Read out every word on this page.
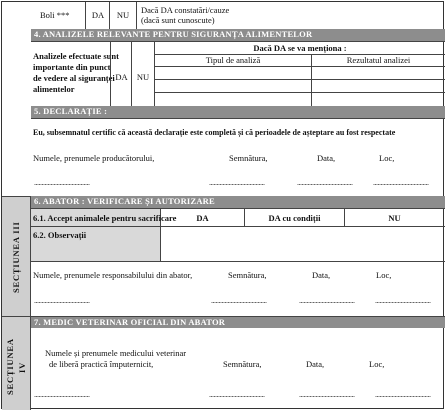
Boli ***	DA	NU	Dacă DA constatări/cauze
(dacă sunt cunoscute)
4. ANALIZELE RELEVANTE PENTRU SIGURANȚA ALIMENTELOR
Analizele efectuate sunt
importante din punct
de vedere al siguranței
alimentelor
DA	NU
Dacă DA se va menționa :
Tipul de analiză	Rezultatul analizei
5. DECLARAȚIE :
Eu, subsemnatul certific că această declarație este completă și că perioadele de așteptare au fost respectate
Numele, prenumele producătorului,	Semnătura,	Data,	Loc,
.....................................	.....................................	.....................................	.....................................
SECȚIUNEA III
6. ABATOR : VERIFICARE ȘI AUTORIZARE
6.1. Accept animalele pentru sacrificare	DA	DA cu condiții	NU
6.2. Observații
Numele, prenumele responsabilului din abator,	Semnătura,	Data,	Loc,
.....................................	.....................................	.....................................	.....................................
SECȚIUNEA IV
7. MEDIC VETERINAR OFICIAL DIN ABATOR
Numele și prenumele medicului veterinar
de liberă practică împuternicit,	Semnătura,	Data,	Loc,
.....................................	.....................................	.....................................	.....................................
